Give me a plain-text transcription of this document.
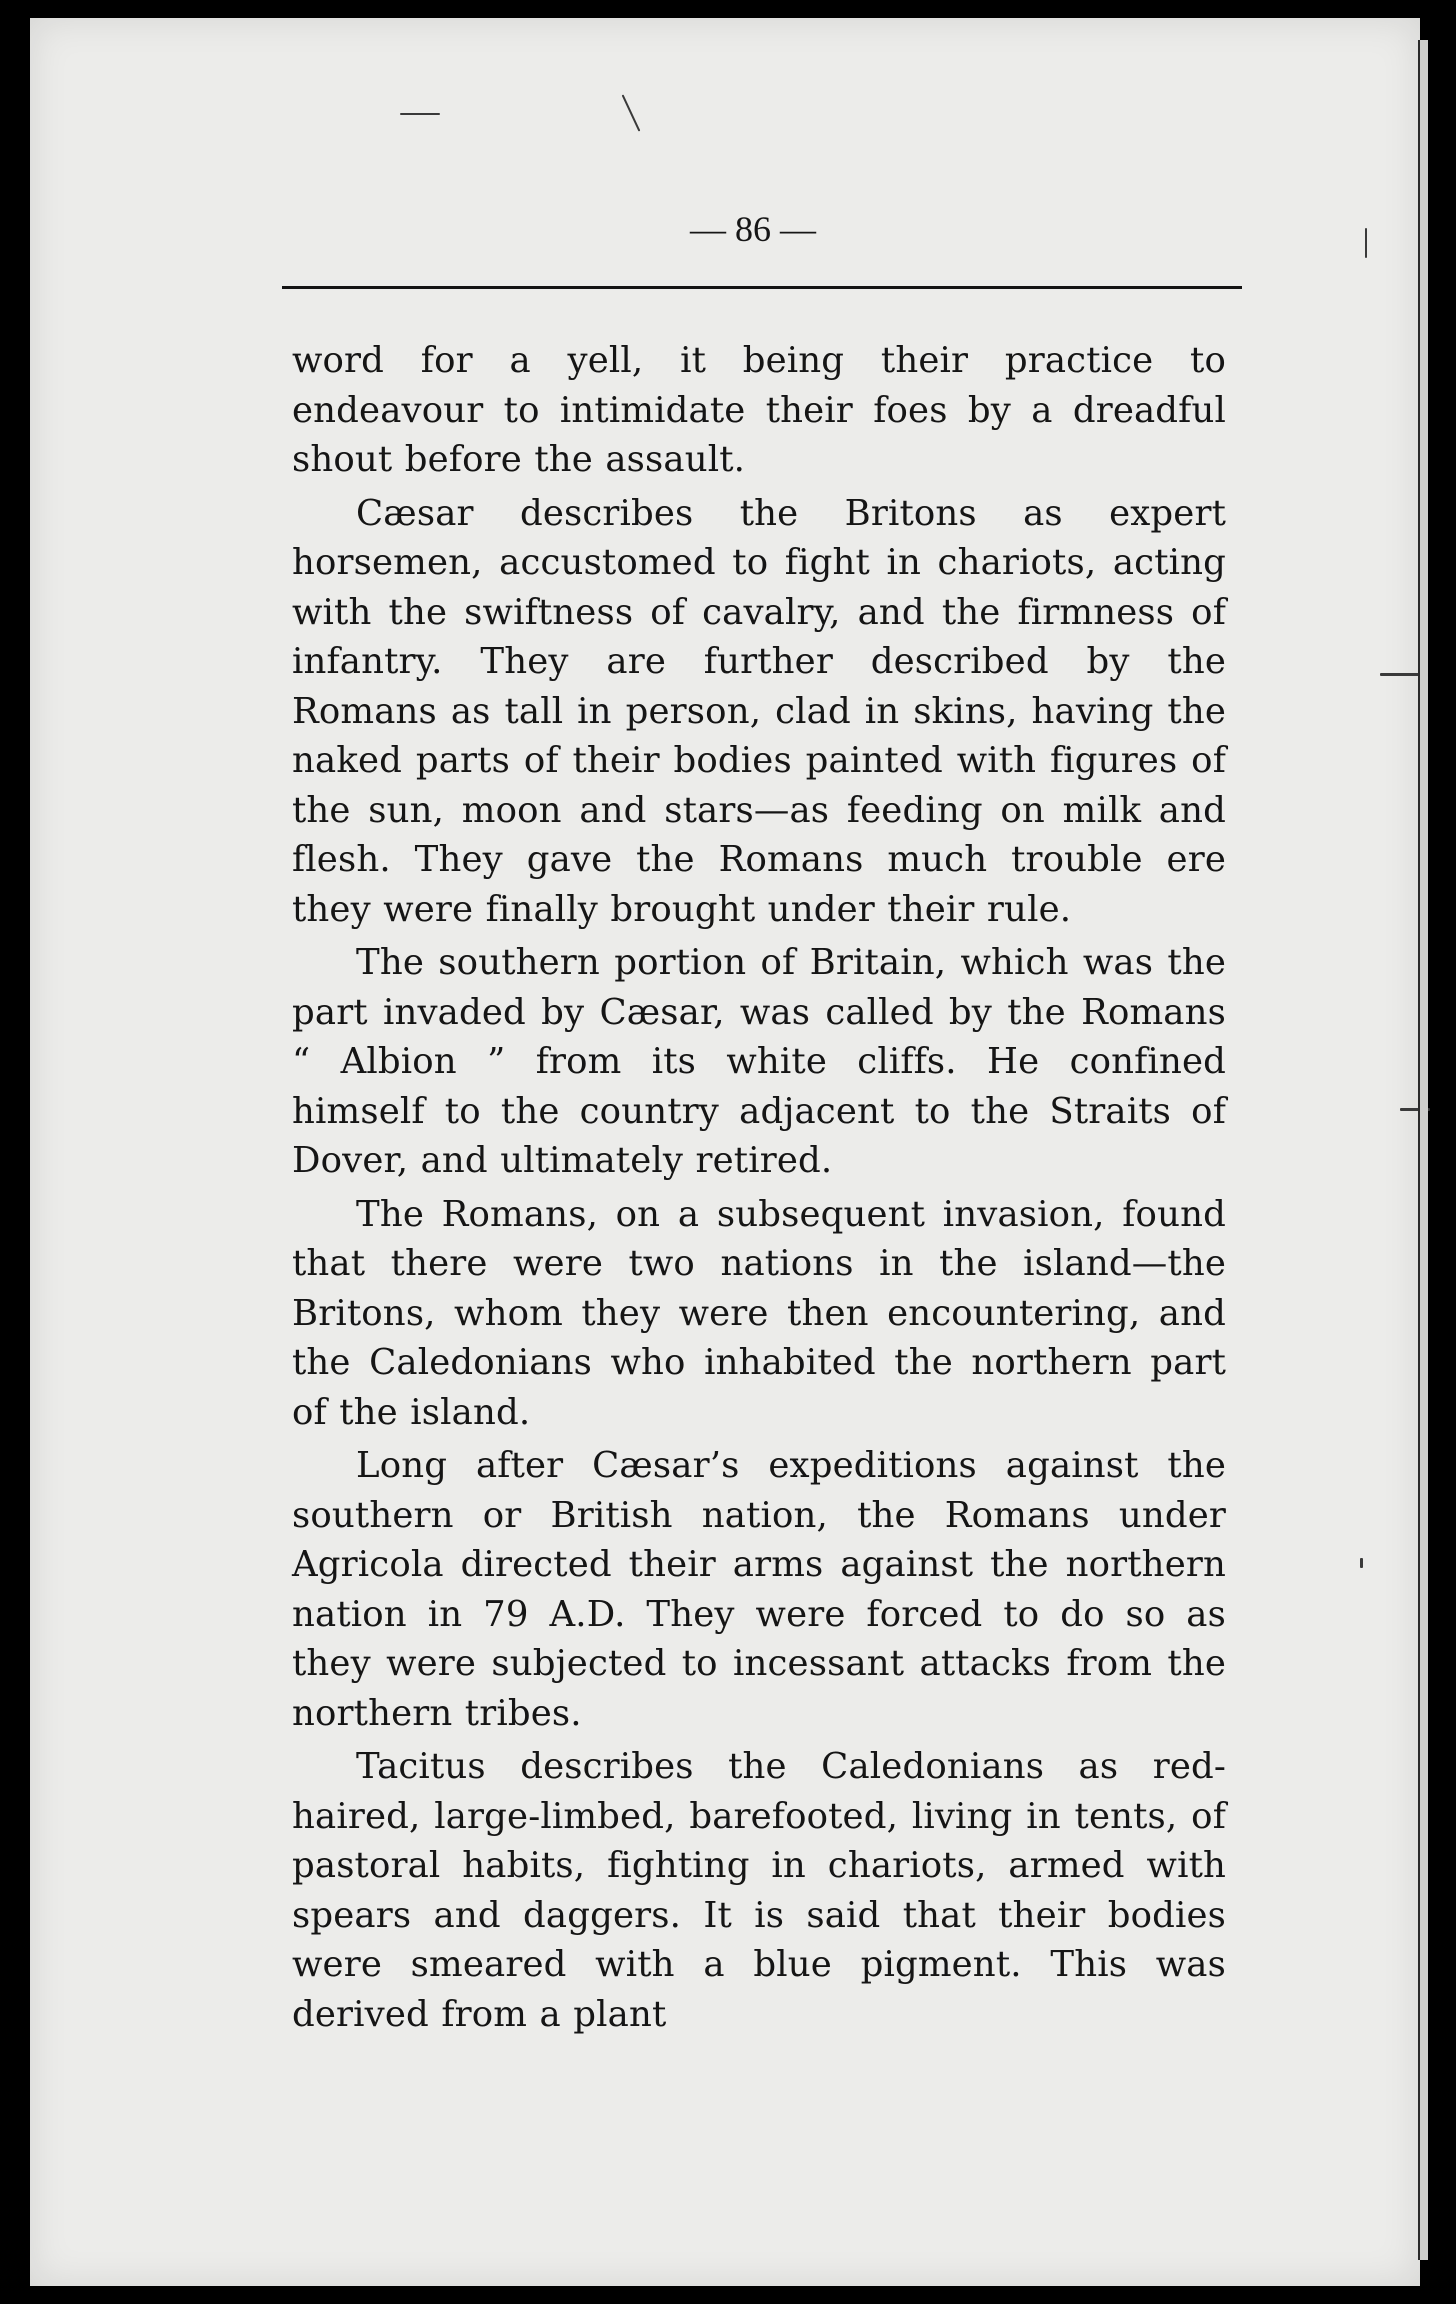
— 86 —

word for a yell, it being their practice to endeavour to intimidate their foes by a dreadful shout before the assault.

Cæsar describes the Britons as expert horsemen, accustomed to fight in chariots, acting with the swiftness of cavalry, and the firmness of infantry. They are further described by the Romans as tall in person, clad in skins, having the naked parts of their bodies painted with figures of the sun, moon and stars—as feeding on milk and flesh. They gave the Romans much trouble ere they were finally brought under their rule.

The southern portion of Britain, which was the part invaded by Cæsar, was called by the Romans “ Albion ” from its white cliffs. He confined himself to the country adjacent to the Straits of Dover, and ultimately retired.

The Romans, on a subsequent invasion, found that there were two nations in the island—the Britons, whom they were then encountering, and the Caledonians who inhabited the northern part of the island.

Long after Cæsar’s expeditions against the southern or British nation, the Romans under Agricola directed their arms against the northern nation in 79 A.D. They were forced to do so as they were subjected to incessant attacks from the northern tribes.

Tacitus describes the Caledonians as red-haired, large-limbed, barefooted, living in tents, of pastoral habits, fighting in chariots, armed with spears and daggers. It is said that their bodies were smeared with a blue pigment. This was derived from a plant
